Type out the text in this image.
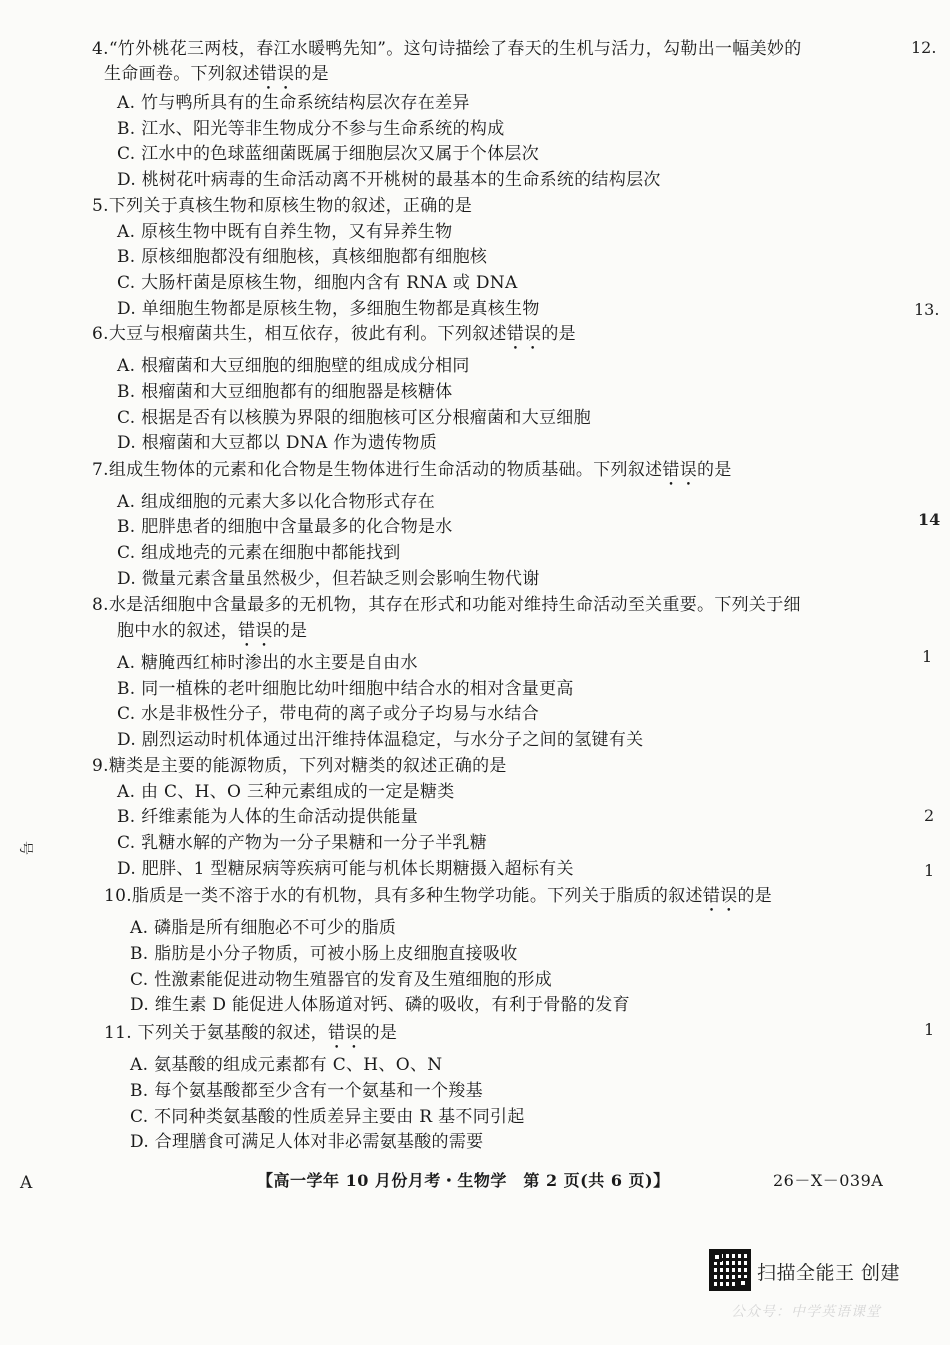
4.“竹外桃花三两枝，春江水暖鸭先知”。这句诗描绘了春天的生机与活力，勾勒出一幅美妙的
生命画卷。下列叙述错误的是
A. 竹与鸭所具有的生命系统结构层次存在差异
B. 江水、阳光等非生物成分不参与生命系统的构成
C. 江水中的色球蓝细菌既属于细胞层次又属于个体层次
D. 桃树花叶病毒的生命活动离不开桃树的最基本的生命系统的结构层次
5.下列关于真核生物和原核生物的叙述，正确的是
A. 原核生物中既有自养生物，又有异养生物
B. 原核细胞都没有细胞核，真核细胞都有细胞核
C. 大肠杆菌是原核生物，细胞内含有 RNA 或 DNA
D. 单细胞生物都是原核生物，多细胞生物都是真核生物
6.大豆与根瘤菌共生，相互依存，彼此有利。下列叙述错误的是
A. 根瘤菌和大豆细胞的细胞壁的组成成分相同
B. 根瘤菌和大豆细胞都有的细胞器是核糖体
C. 根据是否有以核膜为界限的细胞核可区分根瘤菌和大豆细胞
D. 根瘤菌和大豆都以 DNA 作为遗传物质
7.组成生物体的元素和化合物是生物体进行生命活动的物质基础。下列叙述错误的是
A. 组成细胞的元素大多以化合物形式存在
B. 肥胖患者的细胞中含量最多的化合物是水
C. 组成地壳的元素在细胞中都能找到
D. 微量元素含量虽然极少，但若缺乏则会影响生物代谢
8.水是活细胞中含量最多的无机物，其存在形式和功能对维持生命活动至关重要。下列关于细
胞中水的叙述，错误的是
A. 糖腌西红柿时渗出的水主要是自由水
B. 同一植株的老叶细胞比幼叶细胞中结合水的相对含量更高
C. 水是非极性分子，带电荷的离子或分子均易与水结合
D. 剧烈运动时机体通过出汗维持体温稳定，与水分子之间的氢键有关
9.糖类是主要的能源物质，下列对糖类的叙述正确的是
A. 由 C、H、O 三种元素组成的一定是糖类
B. 纤维素能为人体的生命活动提供能量
C. 乳糖水解的产物为一分子果糖和一分子半乳糖
D. 肥胖、1 型糖尿病等疾病可能与机体长期糖摄入超标有关
10.脂质是一类不溶于水的有机物，具有多种生物学功能。下列关于脂质的叙述错误的是
A. 磷脂是所有细胞必不可少的脂质
B. 脂肪是小分子物质，可被小肠上皮细胞直接吸收
C. 性激素能促进动物生殖器官的发育及生殖细胞的形成
D. 维生素 D 能促进人体肠道对钙、磷的吸收，有利于骨骼的发育
11. 下列关于氨基酸的叙述，错误的是
A. 氨基酸的组成元素都有 C、H、O、N
B. 每个氨基酸都至少含有一个氨基和一个羧基
C. 不同种类氨基酸的性质差异主要由 R 基不同引起
D. 合理膳食可满足人体对非必需氨基酸的需要
12.
13.
14
1
2
1
1
号
A	【高一学年 10 月份月考・生物学　第 2 页(共 6 页)】	26－X－039A
扫描全能王 创建
公众号：中学英语课堂
